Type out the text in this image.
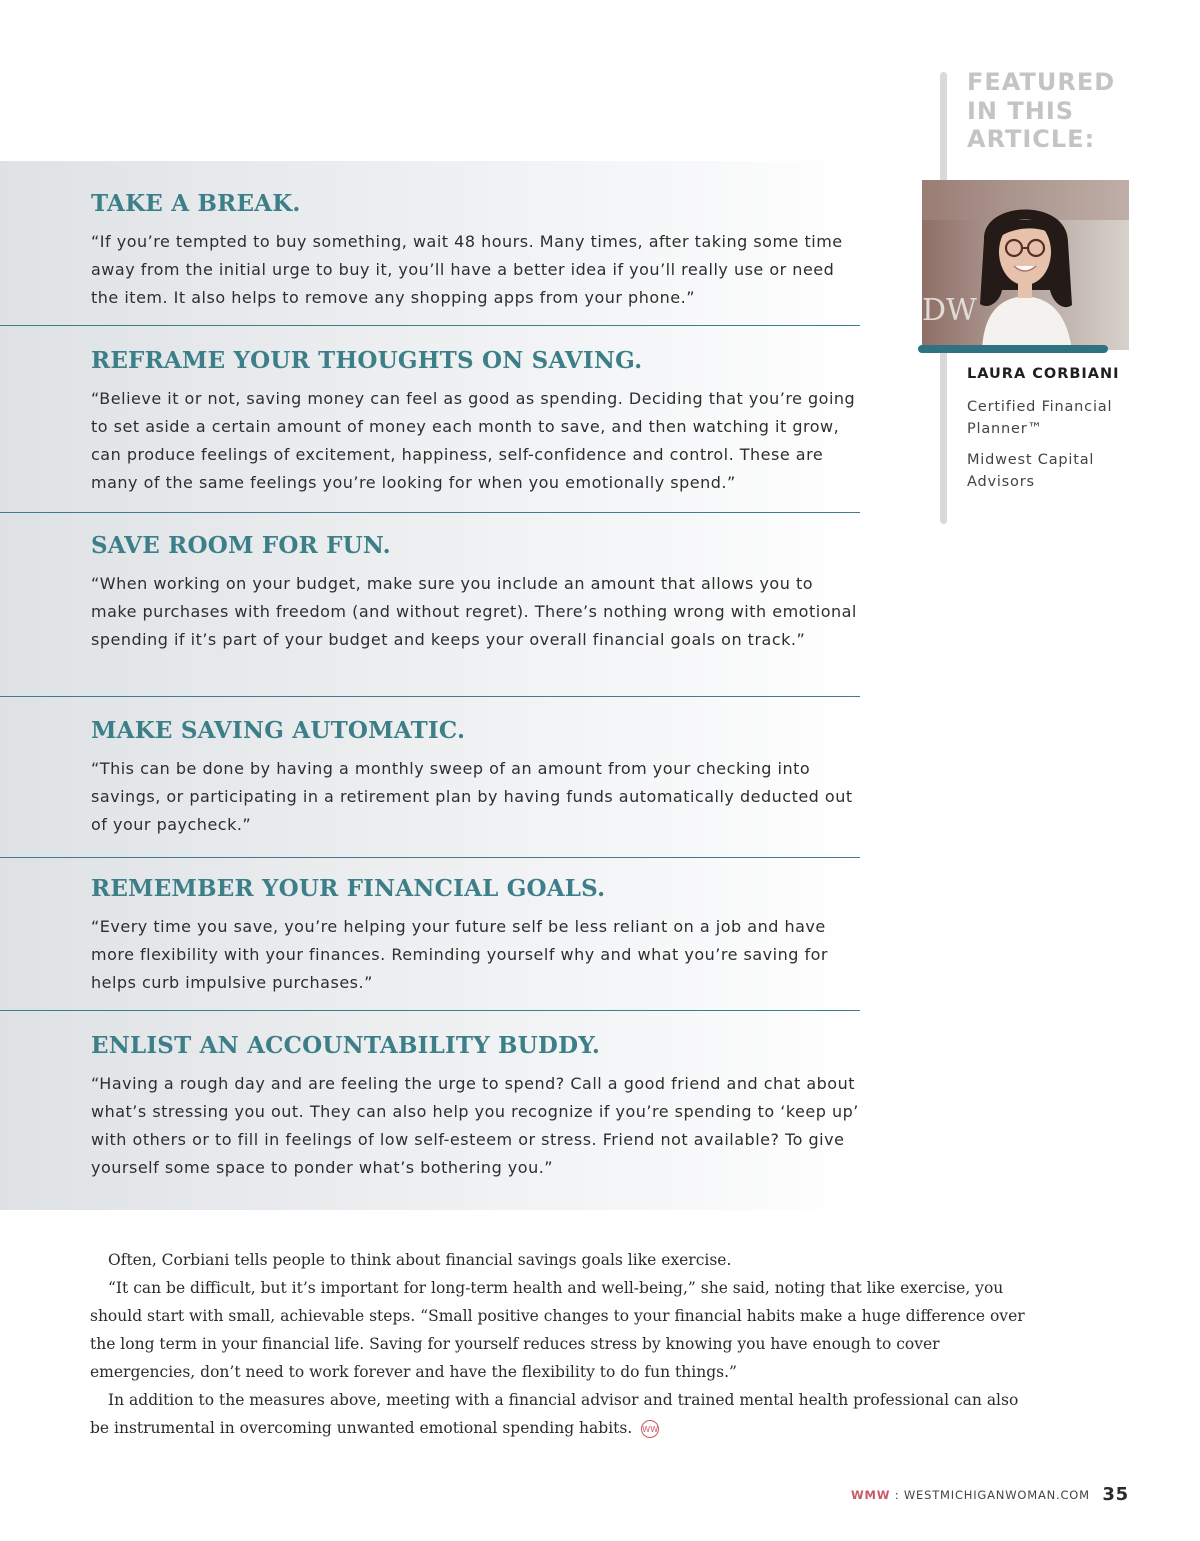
TAKE A BREAK.

“If you’re tempted to buy something, wait 48 hours. Many times, after taking some time away from the initial urge to buy it, you’ll have a better idea if you’ll really use or need the item. It also helps to remove any shopping apps from your phone.”

REFRAME YOUR THOUGHTS ON SAVING.

“Believe it or not, saving money can feel as good as spending. Deciding that you’re going to set aside a certain amount of money each month to save, and then watching it grow, can produce feelings of excitement, happiness, self-confidence and control. These are many of the same feelings you’re looking for when you emotionally spend.”

SAVE ROOM FOR FUN.

“When working on your budget, make sure you include an amount that allows you to make purchases with freedom (and without regret). There’s nothing wrong with emotional spending if it’s part of your budget and keeps your overall financial goals on track.”

MAKE SAVING AUTOMATIC.

“This can be done by having a monthly sweep of an amount from your checking into savings, or participating in a retirement plan by having funds automatically deducted out of your paycheck.”

REMEMBER YOUR FINANCIAL GOALS.

“Every time you save, you’re helping your future self be less reliant on a job and have more flexibility with your finances. Reminding yourself why and what you’re saving for helps curb impulsive purchases.”

ENLIST AN ACCOUNTABILITY BUDDY.

“Having a rough day and are feeling the urge to spend? Call a good friend and chat about what’s stressing you out. They can also help you recognize if you’re spending to ‘keep up’ with others or to fill in feelings of low self-esteem or stress. Friend not available? To give yourself some space to ponder what’s bothering you.”

FEATURED IN THIS ARTICLE:
DW

LAURA CORBIANI

Certified Financial Planner™

Midwest Capital Advisors

Often, Corbiani tells people to think about financial savings goals like exercise.

“It can be difficult, but it’s important for long-term health and well-being,” she said, noting that like exercise, you should start with small, achievable steps. “Small positive changes to your financial habits make a huge difference over the long term in your financial life. Saving for yourself reduces stress by knowing you have enough to cover emergencies, don’t need to work forever and have the flexibility to do fun things.”

In addition to the measures above, meeting with a financial advisor and trained mental health professional can also be instrumental in overcoming unwanted emotional spending habits. WW

WMW : WESTMICHIGANWOMAN.COM 35
